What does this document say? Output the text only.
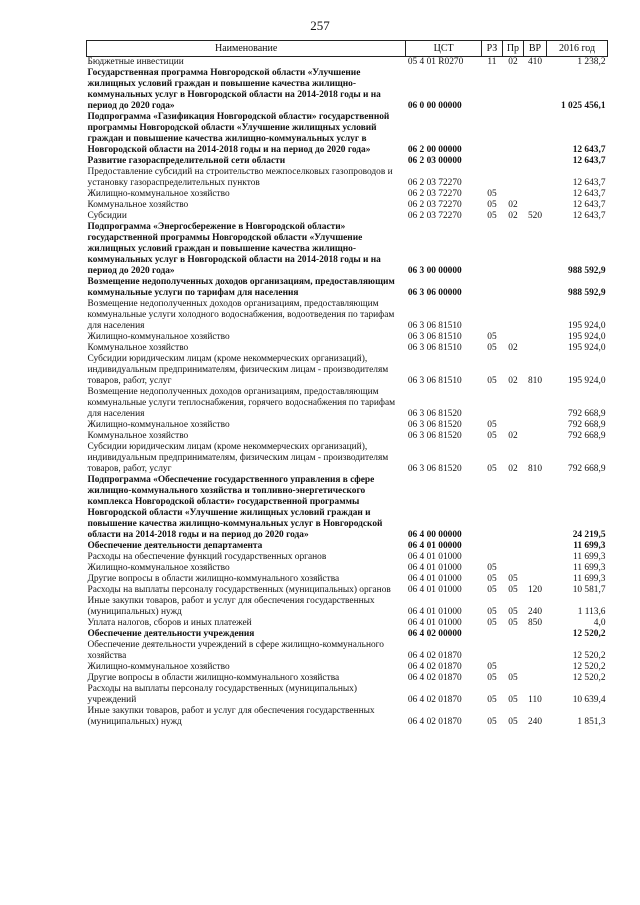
257
Наименование	ЦСТ	РЗ	Пр	ВР	2016 год
Бюджетные инвестиции	05 4 01 R0270	11	02	410	1 238,2
Государственная программа Новгородской области «Улучшение жилищных условий граждан и повышение качества жилищно-коммунальных услуг в Новгородской области на 2014-2018 годы и на период до 2020 года»	06 0 00 00000				1 025 456,1
Подпрограмма «Газификация Новгородской области» государственной программы Новгородской области «Улучшение жилищных условий граждан и повышение качества жилищно-коммунальных услуг в Новгородской области на 2014-2018 годы и на период до 2020 года»	06 2 00 00000				12 643,7
Развитие газораспределительной сети области	06 2 03 00000				12 643,7
Предоставление субсидий на строительство межпоселковых газопроводов и установку газораспределительных пунктов	06 2 03 72270				12 643,7
Жилищно-коммунальное хозяйство	06 2 03 72270	05			12 643,7
Коммунальное хозяйство	06 2 03 72270	05	02		12 643,7
Субсидии	06 2 03 72270	05	02	520	12 643,7
Подпрограмма «Энергосбережение в Новгородской области» государственной программы Новгородской области «Улучшение жилищных условий граждан и повышение качества жилищно-коммунальных услуг в Новгородской области на 2014-2018 годы и на период до 2020 года»	06 3 00 00000				988 592,9
Возмещение недополученных доходов организациям, предоставляющим коммунальные услуги по тарифам для населения	06 3 06 00000				988 592,9
Возмещение недополученных доходов организациям, предоставляющим коммунальные услуги холодного водоснабжения, водоотведения по тарифам для населения	06 3 06 81510				195 924,0
Жилищно-коммунальное хозяйство	06 3 06 81510	05			195 924,0
Коммунальное хозяйство	06 3 06 81510	05	02		195 924,0
Субсидии юридическим лицам (кроме некоммерческих организаций), индивидуальным предпринимателям, физическим лицам - производителям товаров, работ, услуг	06 3 06 81510	05	02	810	195 924,0
Возмещение недополученных доходов организациям, предоставляющим коммунальные услуги теплоснабжения, горячего водоснабжения по тарифам для населения	06 3 06 81520				792 668,9
Жилищно-коммунальное хозяйство	06 3 06 81520	05			792 668,9
Коммунальное хозяйство	06 3 06 81520	05	02		792 668,9
Субсидии юридическим лицам (кроме некоммерческих организаций), индивидуальным предпринимателям, физическим лицам - производителям товаров, работ, услуг	06 3 06 81520	05	02	810	792 668,9
Подпрограмма «Обеспечение государственного управления в сфере жилищно-коммунального хозяйства и топливно-энергетического комплекса Новгородской области» государственной программы Новгородской области «Улучшение жилищных условий граждан и повышение качества жилищно-коммунальных услуг в Новгородской области на 2014-2018 годы и на период до 2020 года»	06 4 00 00000				24 219,5
Обеспечение деятельности департамента	06 4 01 00000				11 699,3
Расходы на обеспечение функций государственных органов	06 4 01 01000				11 699,3
Жилищно-коммунальное хозяйство	06 4 01 01000	05			11 699,3
Другие вопросы в области жилищно-коммунального хозяйства	06 4 01 01000	05	05		11 699,3
Расходы на выплаты персоналу государственных (муниципальных) органов	06 4 01 01000	05	05	120	10 581,7
Иные закупки товаров, работ и услуг для обеспечения государственных (муниципальных) нужд	06 4 01 01000	05	05	240	1 113,6
Уплата налогов, сборов и иных платежей	06 4 01 01000	05	05	850	4,0
Обеспечение деятельности учреждения	06 4 02 00000				12 520,2
Обеспечение деятельности учреждений в сфере жилищно-коммунального хозяйства	06 4 02 01870				12 520,2
Жилищно-коммунальное хозяйство	06 4 02 01870	05			12 520,2
Другие вопросы в области жилищно-коммунального хозяйства	06 4 02 01870	05	05		12 520,2
Расходы на выплаты персоналу государственных (муниципальных) учреждений	06 4 02 01870	05	05	110	10 639,4
Иные закупки товаров, работ и услуг для обеспечения государственных (муниципальных) нужд	06 4 02 01870	05	05	240	1 851,3
